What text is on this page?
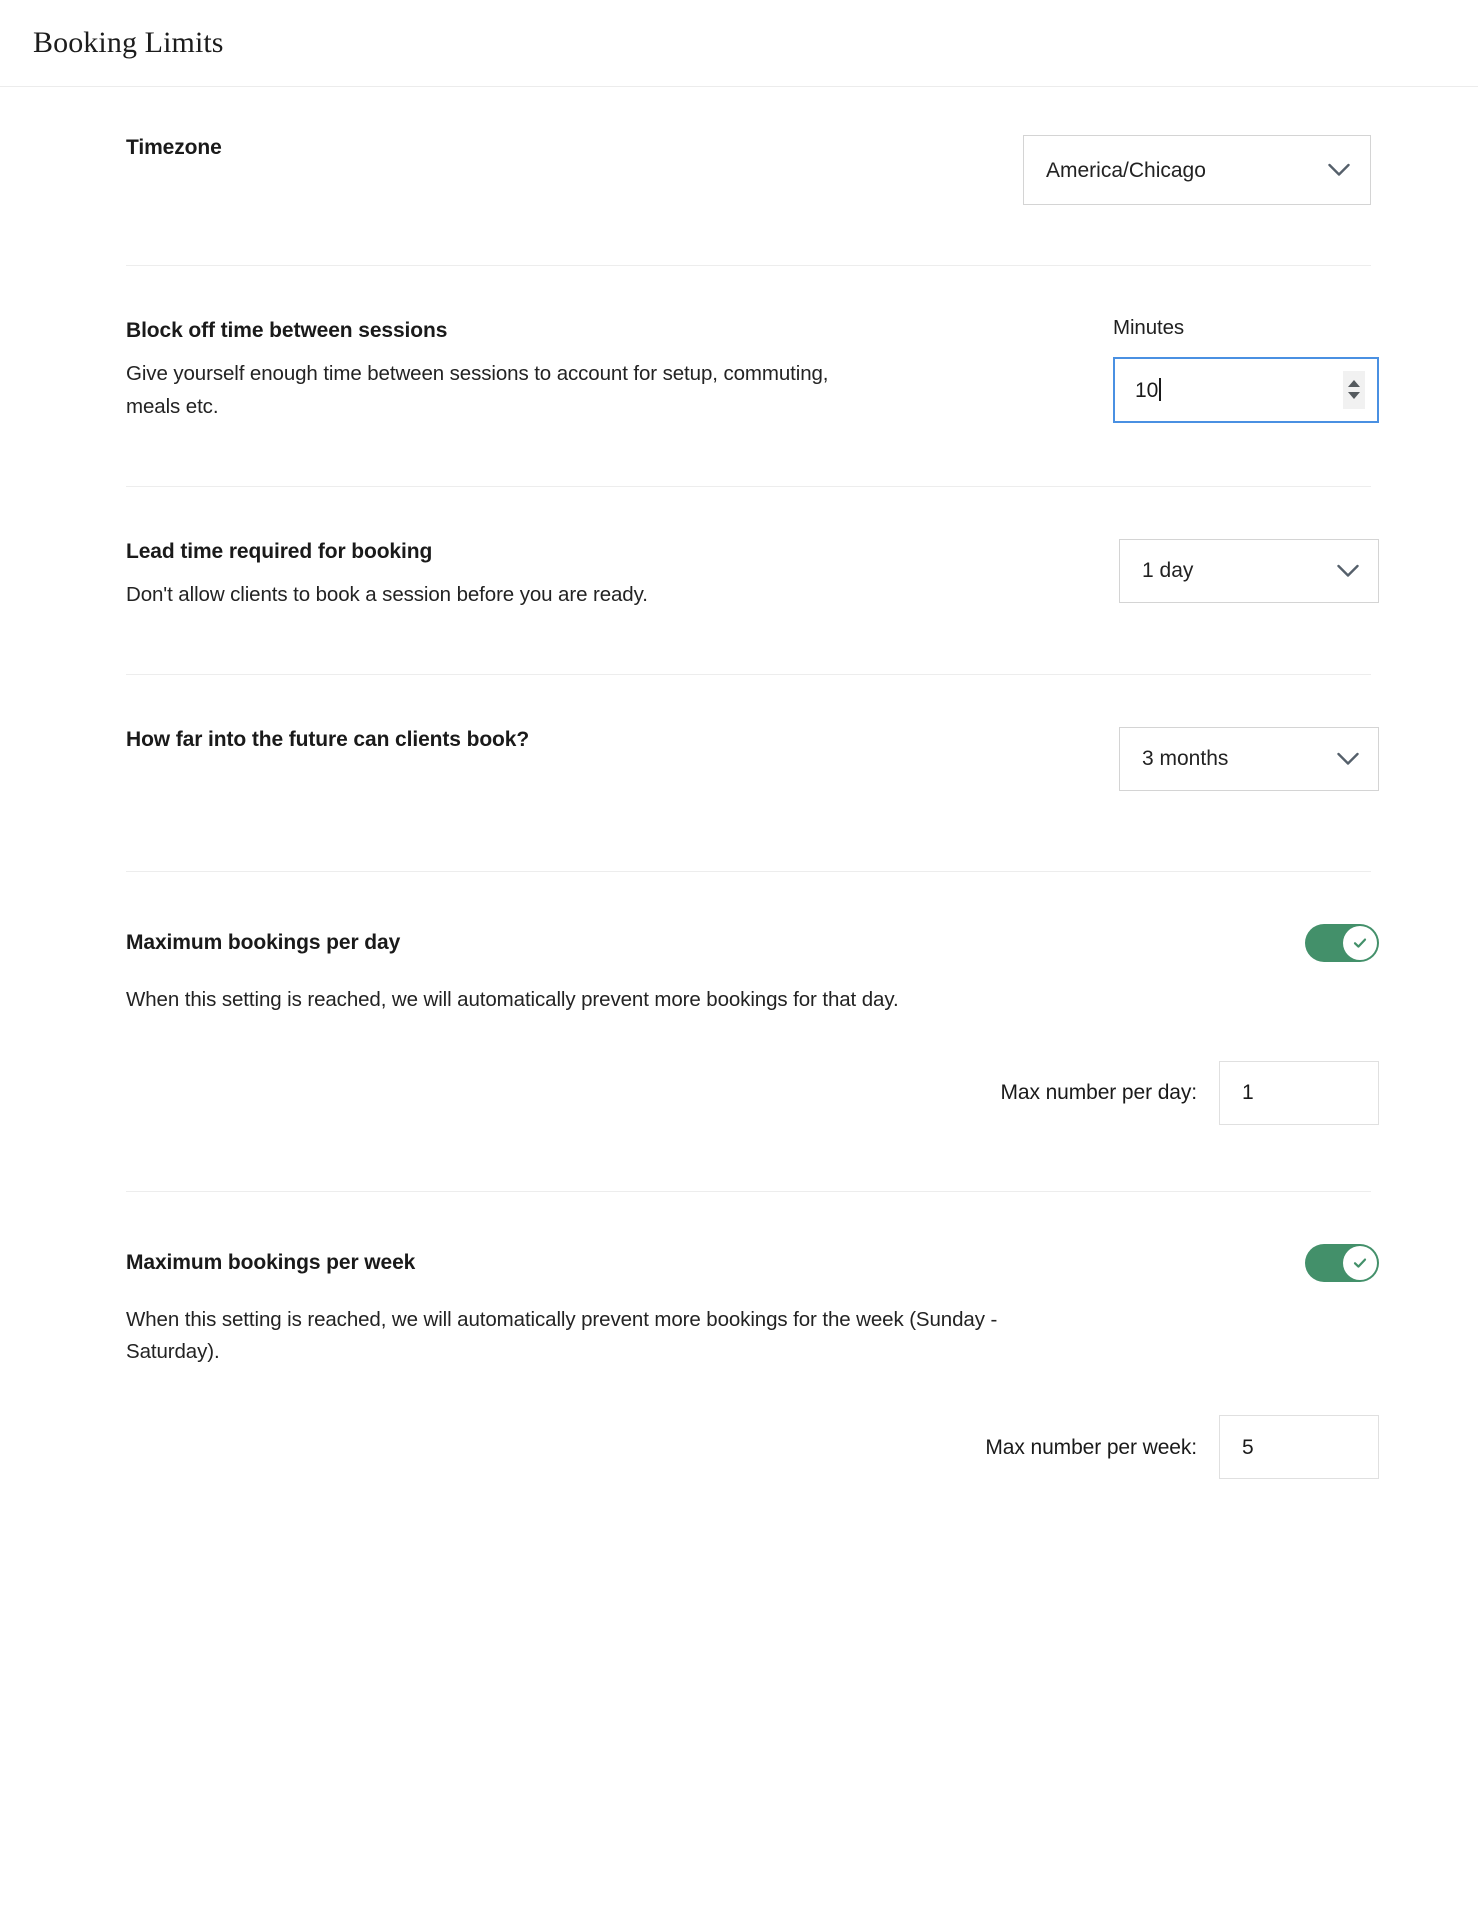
Booking Limits
Timezone
America/Chicago
Block off time between sessions
Give yourself enough time between sessions to account for setup, commuting, meals etc.
Minutes
10
Lead time required for booking
Don't allow clients to book a session before you are ready.
1 day
How far into the future can clients book?
3 months
Maximum bookings per day
When this setting is reached, we will automatically prevent more bookings for that day.
Max number per day: 1
Maximum bookings per week
When this setting is reached, we will automatically prevent more bookings for the week (Sunday - Saturday).
Max number per week: 5
